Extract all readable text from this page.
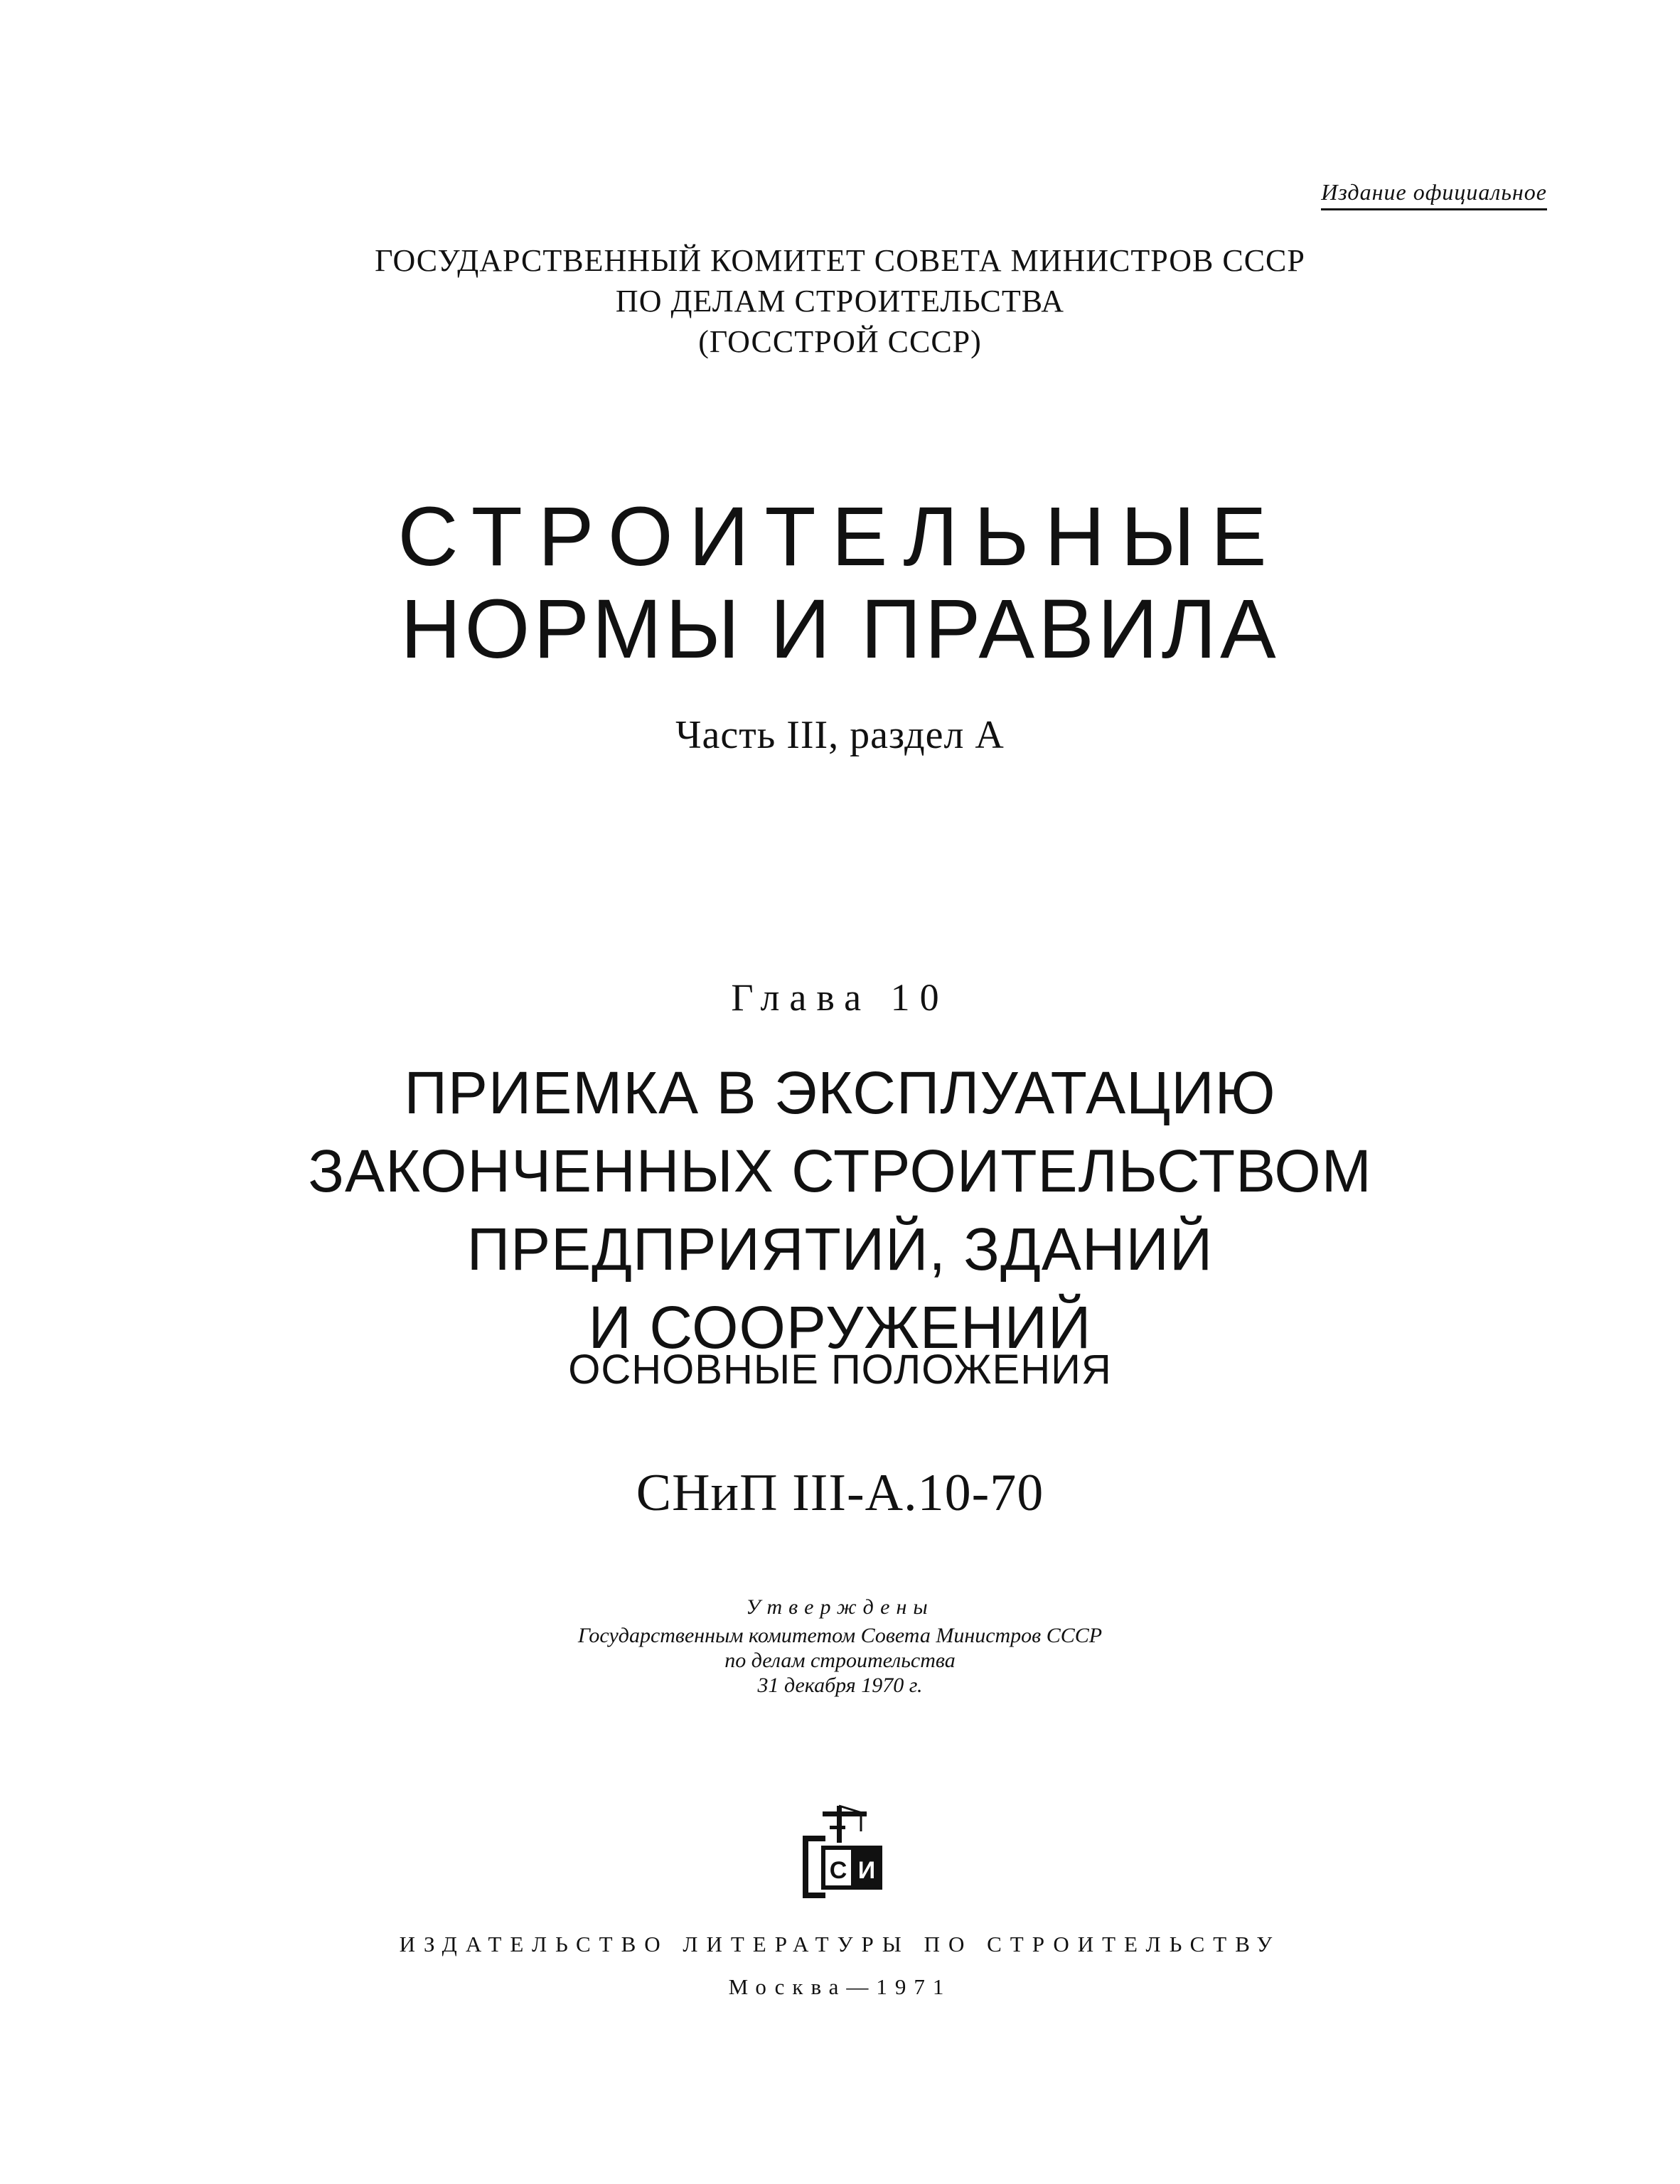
Издание официальное
ГОСУДАРСТВЕННЫЙ КОМИТЕТ СОВЕТА МИНИСТРОВ СССР
ПО ДЕЛАМ СТРОИТЕЛЬСТВА
(ГОССТРОЙ СССР)
СТРОИТЕЛЬНЫЕ
НОРМЫ И ПРАВИЛА
Часть III, раздел А
Глава 10
ПРИЕМКА В ЭКСПЛУАТАЦИЮ
ЗАКОНЧЕННЫХ СТРОИТЕЛЬСТВОМ
ПРЕДПРИЯТИЙ, ЗДАНИЙ
И СООРУЖЕНИЙ
ОСНОВНЫЕ ПОЛОЖЕНИЯ
СНиП III-А.10-70
Утверждены
Государственным комитетом Совета Министров СССР
по делам строительства
31 декабря 1970 г.
С И
ИЗДАТЕЛЬСТВО ЛИТЕРАТУРЫ ПО СТРОИТЕЛЬСТВУ
Москва—1971
